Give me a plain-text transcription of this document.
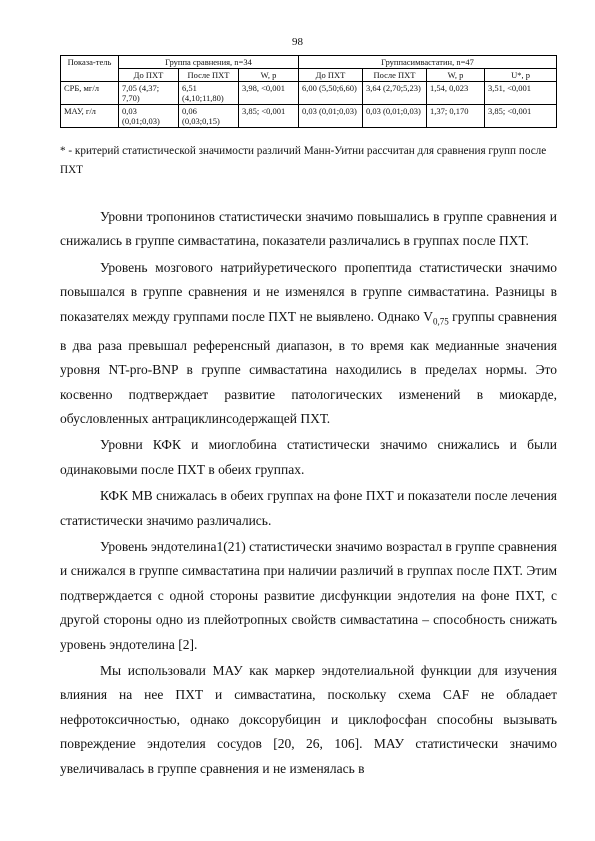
98
Показа-тель	Группа сравнения, n=34			Группасимвастатин, n=47			
	До ПХТ	После ПХТ	W, p	До ПХТ	После ПХТ	W, p	U*, p
СРБ, мг/л	7,05 (4,37; 7,70)	6,51 (4,10;11,80)	3,98, <0,001	6,00 (5,50;6,60)	3,64 (2,70;5,23)	1,54, 0,023	3,51, <0,001
МАУ, г/л	0,03 (0,01;0,03)	0,06 (0,03;0,15)	3,85; <0,001	0,03 (0,01;0,03)	0,03 (0,01;0,03)	1,37; 0,170	3,85; <0,001
* - критерий статистической значимости различий Манн-Уитни рассчитан для сравнения групп после ПХТ

Уровни тропонинов статистически значимо повышались в группе сравнения и снижались в группе симвастатина, показатели различались в группах после ПХТ.

Уровень мозгового натрийуретического пропептида статистически значимо повышался в группе сравнения и не изменялся в группе симвастатина. Разницы в показателях между группами после ПХТ не выявлено. Однако $V_{0,75}$ группы сравнения в два раза превышал референсный диапазон, в то время как медианные значения уровня NT-pro-BNP в группе симвастатина находились в пределах нормы. Это косвенно подтверждает развитие патологических изменений в миокарде, обусловленных антрациклинсодержащей ПХТ.

Уровни КФК и миоглобина статистически значимо снижались и были одинаковыми после ПХТ в обеих группах.

КФК МВ снижалась в обеих группах на фоне ПХТ и показатели после лечения статистически значимо различались.

Уровень эндотелина1(21) статистически значимо возрастал в группе сравнения и снижался в группе симвастатина при наличии различий в группах после ПХТ. Этим подтверждается с одной стороны развитие дисфункции эндотелия на фоне ПХТ, с другой стороны одно из плейотропных свойств симвастатина – способность снижать уровень эндотелина [2].

Мы использовали МАУ как маркер эндотелиальной функции для изучения влияния на нее ПХТ и симвастатина, поскольку схема CAF не обладает нефротоксичностью, однако доксорубицин и циклофосфан способны вызывать повреждение эндотелия сосудов [20, 26, 106]. МАУ статистически значимо увеличивалась в группе сравнения и не изменялась в
